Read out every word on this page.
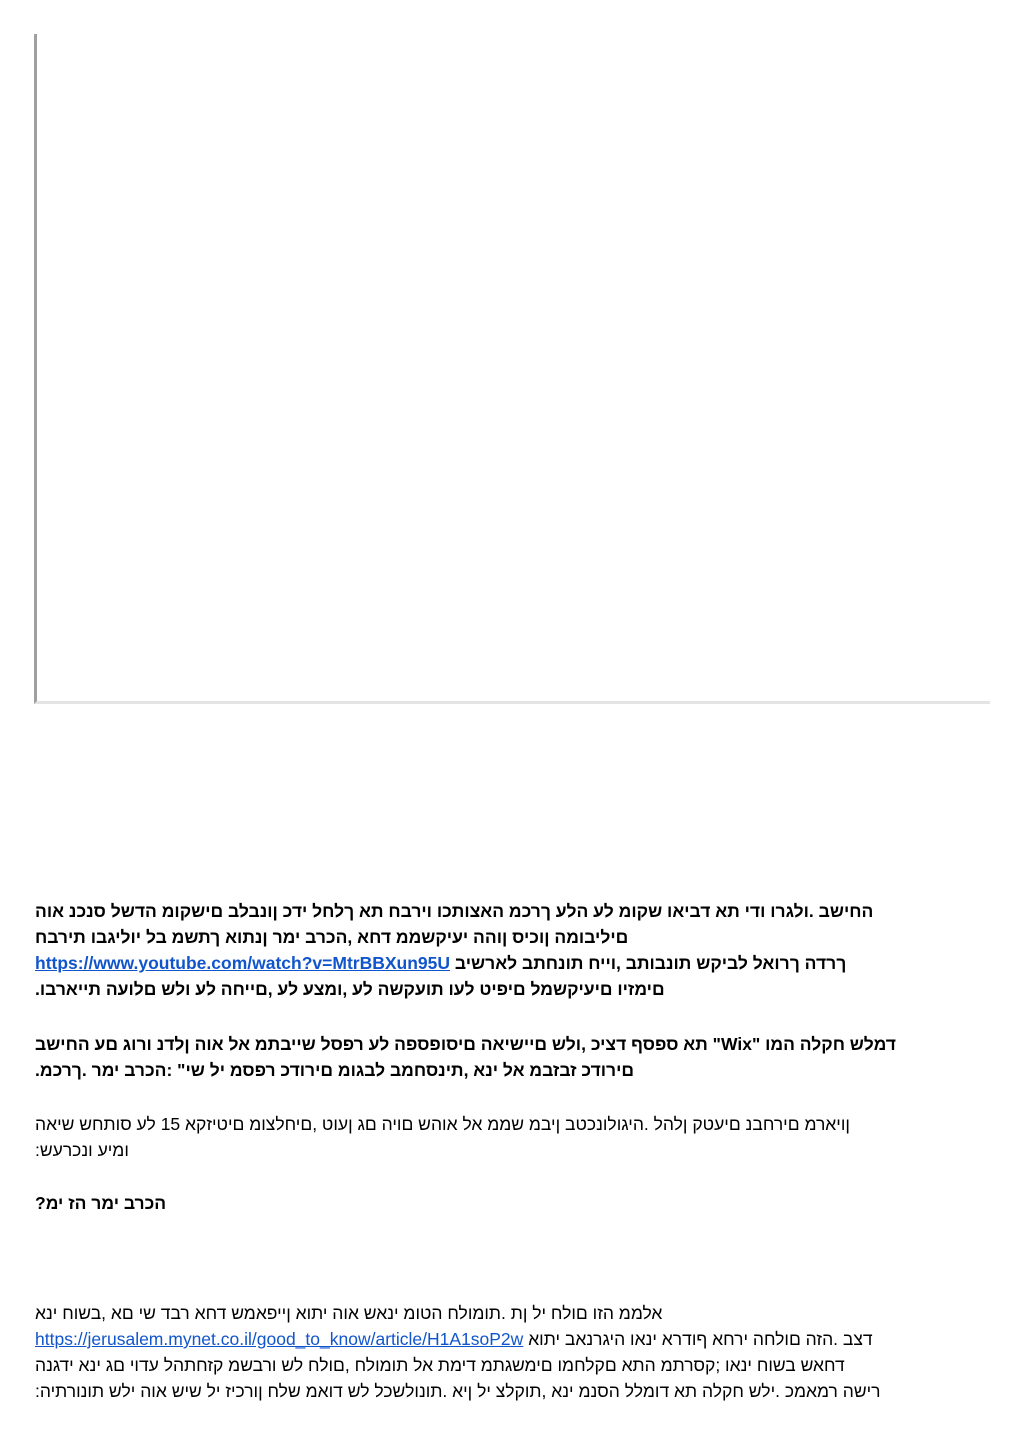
החישב .ולגרו ודי תא דביאו שקומ לע הלע ךרכמ האצותכו וירבח תא ךלחל ידכ ןונבלב םישקומ הדשל סנכנ אוה

םיליבומה ןוכיס ןוהה יעיקשממ דחא ,הכרב ימר ןנתוא ךתשמ בל יוליגבו תירבח

ךרדה ךרואל לביקש תונבותב ,וייח תונחתב לארשיב https://www.youtube.com/watch?v=MtrBBXun95U

םימזיו םיעיקשמל םיפיט לעו תועקשה לע ,ומצע לע ,םייחה לע ולש םלועה תייארבו.

דמלש חקלה המו "Wix" תא ספסף דציכ ,ולש םיישיאה םיסופספה לע רפסל שייבתמ אל אוה ןלדנ ורוג םע החישב

םירודכ זבזבמ אל ינא ,תינסחמב לבגומ םירודכ רפסמ יל שי" :הכרב ימר .ךרכמ.

ןויארמ םירחבנ םיעטק ןלהל .היגולונכטב ןיבמ שממ אל אוהש םויה םג ןעוט ,םיחלצומ םיטיזקא 15 לע סותחש שיאה

ומיע ונכרעש:

הכרב ימר הז ימ?

אלממ הזו םולח יל ןת .תומולח הטומ ינאש אוה יתוא ןייפאמש דחא רבד שי םא ,בשוח ינא

דצב .הזה םולחה ירחא ףודרא ינאו היגרנאב יתוא https://jerusalem.mynet.co.il/good_to_know/article/H1A1soP2w

דחאש בשוח ינאו ;קסרתמ התא םקלחמו םימשגתמ דימת אל תומולח ,םולח לש ורבשמ קזחתהל עדוי םג ינא ידגנה

רישה רמאמכ .ילש חקלה תא דומלל הסנמ ינא ,תוקלצ יל ןיא .תונולשכל לש דואמ שלח ןורכיז יל שיש אוה ילש תונורתיה:
